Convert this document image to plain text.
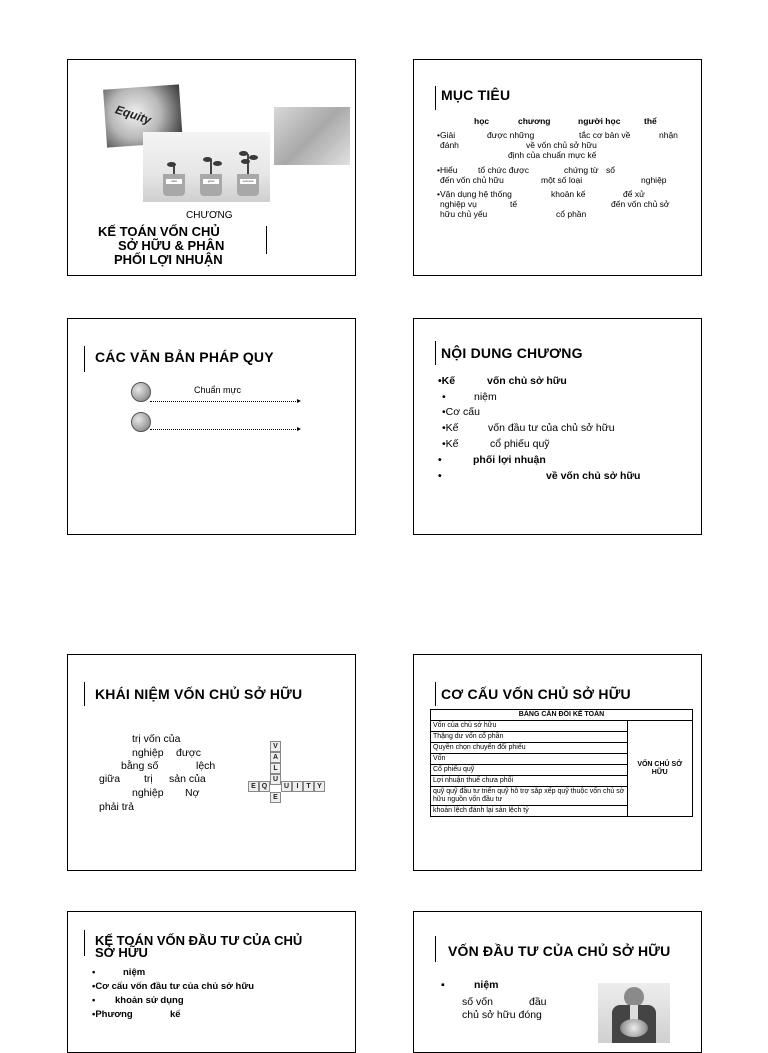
Equity
start	grow	success
CHƯƠNG
KẾ TOÁN VỐN CHỦ
SỞ HỮU & PHÂN
PHỐI LỢI NHUẬN
MỤC TIÊU
học	chương	người học	thể
•Giải	được những	tắc cơ bản về	nhận
đánh	về vốn chủ sở hữu
định của chuẩn mực kế
•Hiểu tổ chức được	chứng từ sổ
đến vốn chủ hữu	một số loại	nghiệp
•Vận dụng hệ thống	khoản kế	để xử
nghiệp vụ	tế	đến vốn chủ sở
hữu chủ yếu	cổ phần
CÁC VĂN BẢN PHÁP QUY
Chuẩn mực
NỘI DUNG CHƯƠNG
•Kế	vốn chủ sở hữu
•	niệm
•Cơ cấu
•Kế	vốn đầu tư của chủ sở hữu
•Kế	cổ phiếu quỹ
•	phối lợi nhuận
•	về vốn chủ sở hữu
KHÁI NIỆM VỐN CHỦ SỞ HỮU
trị vốn của
nghiệp được
bằng số	lệch
giữa trị sản của
nghiệp Nợ
phải trả
V
A
L
U
E
E Q	U	I	T Y
CƠ CẤU VỐN CHỦ SỞ HỮU
BẢNG CÂN ĐỐI KẾ TOÁN
Vốn của chủ sở hữu	VỐN CHỦ SỞ HỮU
Thặng dư vốn cổ phần
Quyền chọn chuyển đổi phiếu
Vốn
Cổ phiếu quỹ
Lợi nhuận thuế chưa phối
quỹ quỹ đầu tư triển quỹ hỗ trợ sắp xếp quỹ thuộc vốn chủ sở hữu nguồn vốn đầu tư
khoản lệch đánh lại sản lệch tỷ
KẾ TOÁN VỐN ĐẦU TƯ CỦA CHỦ
SỞ HỮU
•	niệm
•Cơ cấu vốn đầu tư của chủ sở hữu
• khoản sử dụng
•Phương	kế
VỐN ĐẦU TƯ CỦA CHỦ SỞ HỮU
▪	niệm
số vốn	đầu
chủ sở hữu đóng
